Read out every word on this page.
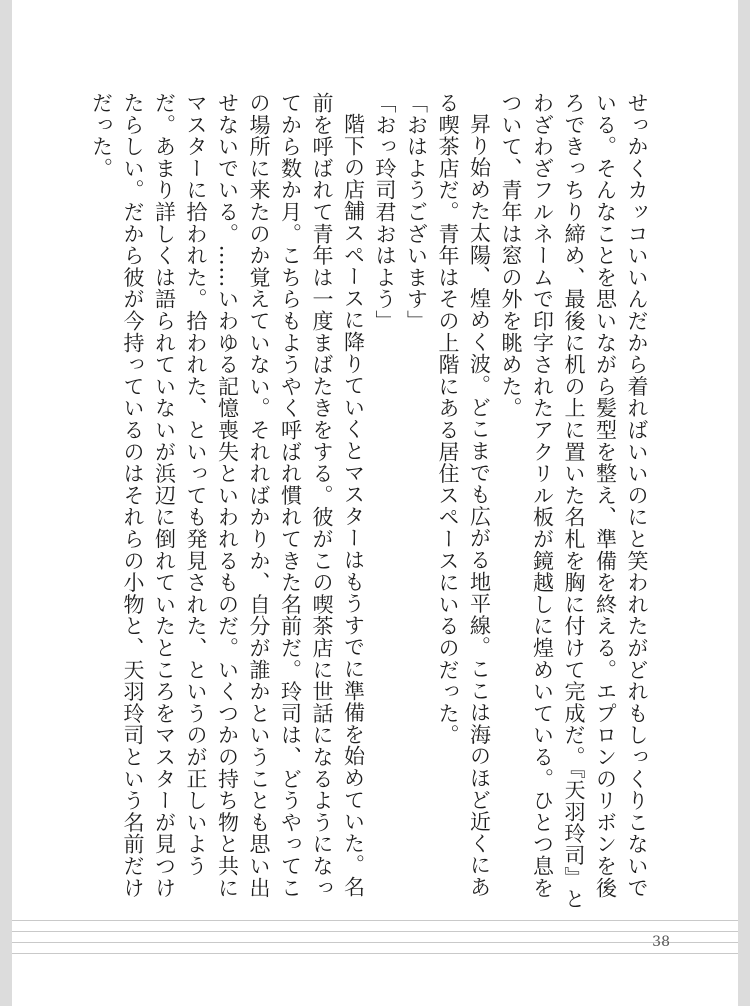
せっかくカッコいいんだから着ればいいのにと笑われたがどれもしっくりこないでいる。そんなことを思いながら髪型を整え、準備を終える。エプロンのリボンを後ろできっちり締め、最後に机の上に置いた名札を胸に付けて完成だ。『天羽玲司』とわざわざフルネームで印字されたアクリル板が鏡越しに煌めいている。ひとつ息をついて、青年は窓の外を眺めた。

昇り始めた太陽、煌めく波。どこまでも広がる地平線。ここは海のほど近くにある喫茶店だ。青年はその上階にある居住スペースにいるのだった。

「おはようございます」

「おっ玲司君おはよう」

階下の店舗スペースに降りていくとマスターはもうすでに準備を始めていた。名前を呼ばれて青年は一度まばたきをする。彼がこの喫茶店に世話になるようになってから数か月。こちらもようやく呼ばれ慣れてきた名前だ。玲司は、どうやってこの場所に来たのか覚えていない。それればかりか、自分が誰かということも思い出せないでいる。……いわゆる記憶喪失といわれるものだ。いくつかの持ち物と共にマスターに拾われた。拾われた、といっても発見された、というのが正しいようだ。あまり詳しくは語られていないが浜辺に倒れていたところをマスターが見つけたらしい。だから彼が今持っているのはそれらの小物と、天羽玲司という名前だけだった。

38
